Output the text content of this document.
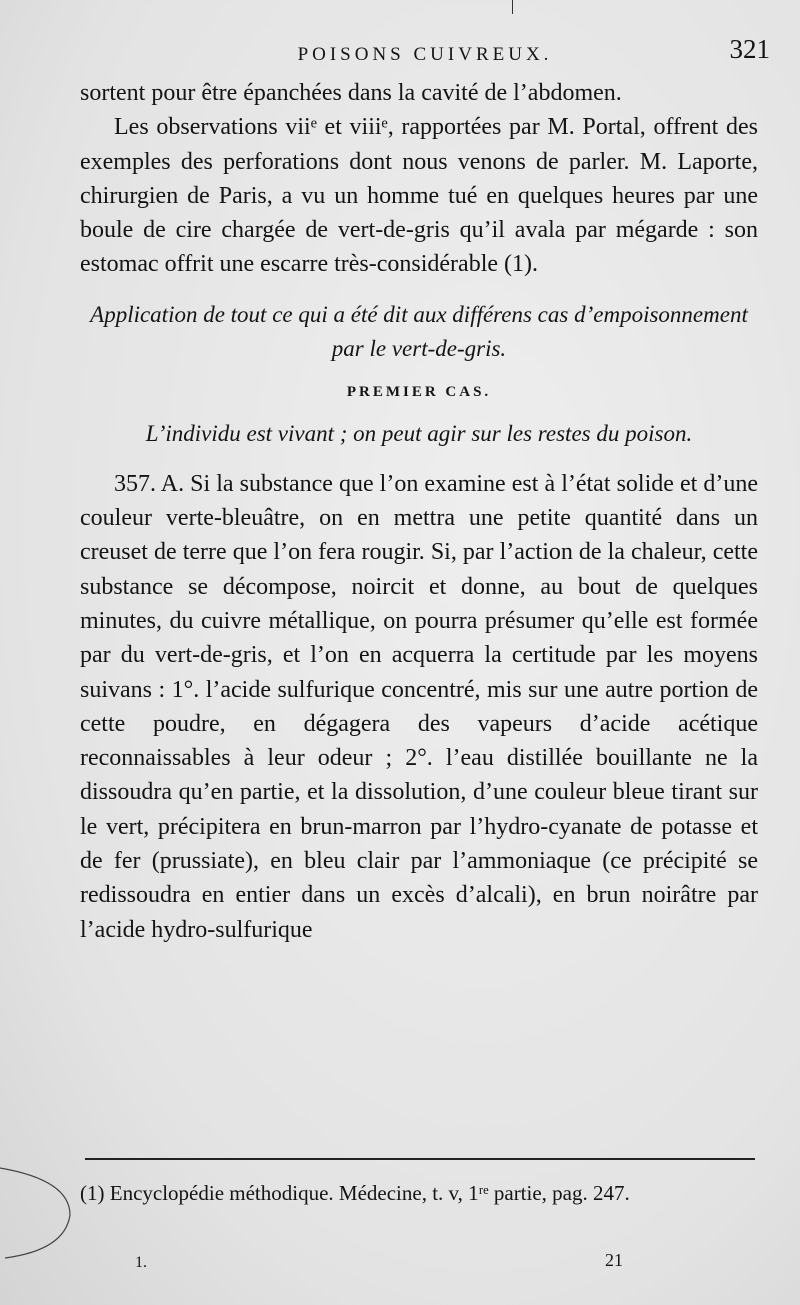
POISONS CUIVREUX.	321

sortent pour être épanchées dans la cavité de l’abdomen.

Les observations viiᵉ et viiiᵉ, rapportées par M. Portal, offrent des exemples des perforations dont nous venons de parler. M. Laporte, chirurgien de Paris, a vu un homme tué en quelques heures par une boule de cire chargée de vert-de-gris qu’il avala par mégarde : son estomac offrit une escarre très-considérable (1).

Application de tout ce qui a été dit aux différens cas d’empoisonnement par le vert-de-gris.

PREMIER CAS.

L’individu est vivant ; on peut agir sur les restes du poison.

357. A. Si la substance que l’on examine est à l’état solide et d’une couleur verte-bleuâtre, on en mettra une petite quantité dans un creuset de terre que l’on fera rougir. Si, par l’action de la chaleur, cette substance se décompose, noircit et donne, au bout de quelques minutes, du cuivre métallique, on pourra présumer qu’elle est formée par du vert-de-gris, et l’on en acquerra la certitude par les moyens suivans : 1°. l’acide sulfurique concentré, mis sur une autre portion de cette poudre, en dégagera des vapeurs d’acide acétique reconnaissables à leur odeur ; 2°. l’eau distillée bouillante ne la dissoudra qu’en partie, et la dissolution, d’une couleur bleue tirant sur le vert, précipitera en brun-marron par l’hydro-cyanate de potasse et de fer (prussiate), en bleu clair par l’ammoniaque (ce précipité se redissoudra en entier dans un excès d’alcali), en brun noirâtre par l’acide hydro-sulfurique

(1) Encyclopédie méthodique. Médecine, t. v, 1ʳᵉ partie, pag. 247.
1.	21
